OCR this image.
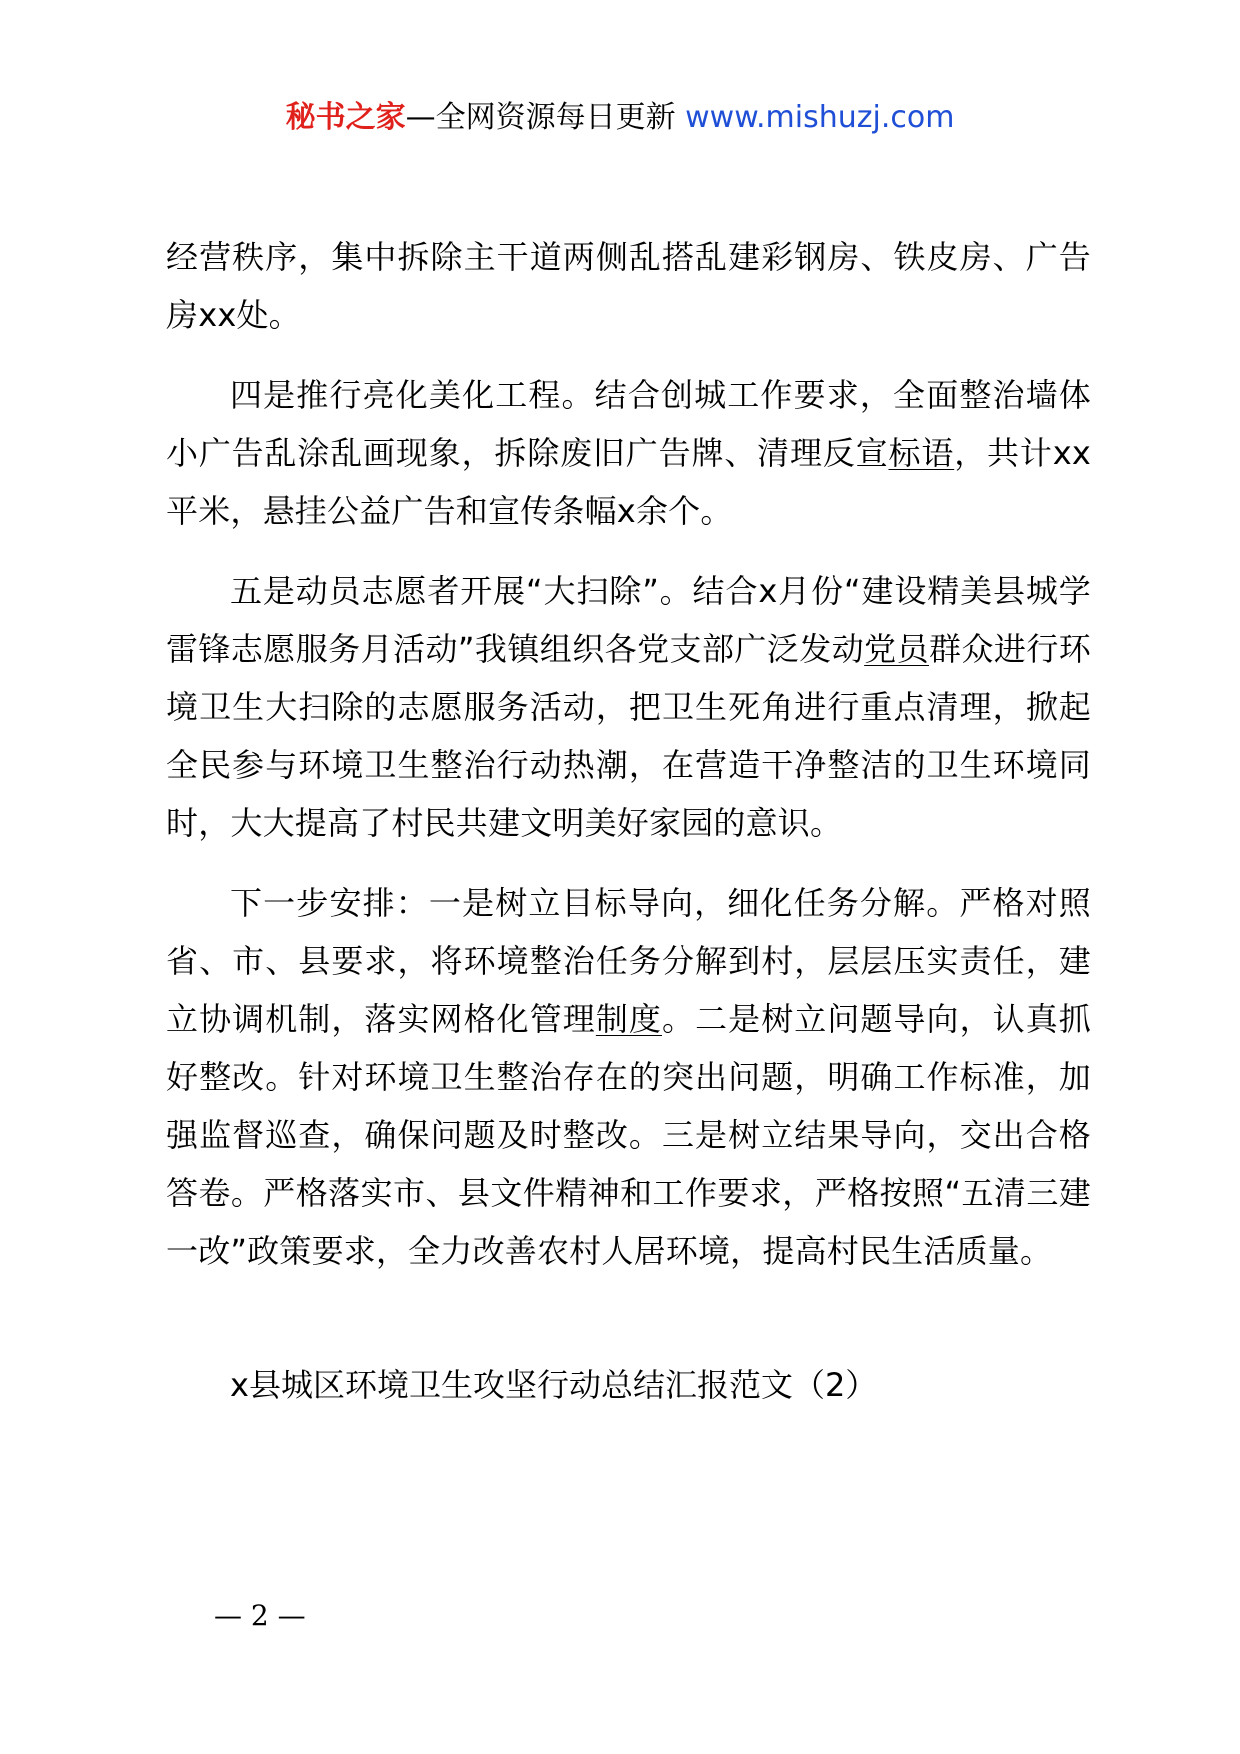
秘书之家—全网资源每日更新 www.mishuzj.com

经营秩序，集中拆除主干道两侧乱搭乱建彩钢房、铁皮房、广告房xx处。

四是推行亮化美化工程。结合创城工作要求，全面整治墙体小广告乱涂乱画现象，拆除废旧广告牌、清理反宣标语，共计xx平米，悬挂公益广告和宣传条幅x余个。

五是动员志愿者开展“大扫除”。结合x月份“建设精美县城学雷锋志愿服务月活动”我镇组织各党支部广泛发动党员群众进行环境卫生大扫除的志愿服务活动，把卫生死角进行重点清理，掀起全民参与环境卫生整治行动热潮，在营造干净整洁的卫生环境同时，大大提高了村民共建文明美好家园的意识。

下一步安排：一是树立目标导向，细化任务分解。严格对照省、市、县要求，将环境整治任务分解到村，层层压实责任，建立协调机制，落实网格化管理制度。二是树立问题导向，认真抓好整改。针对环境卫生整治存在的突出问题，明确工作标准，加强监督巡查，确保问题及时整改。三是树立结果导向，交出合格答卷。严格落实市、县文件精神和工作要求，严格按照“五清三建一改”政策要求，全力改善农村人居环境，提高村民生活质量。

x县城区环境卫生攻坚行动总结汇报范文（2）
— 2 —
